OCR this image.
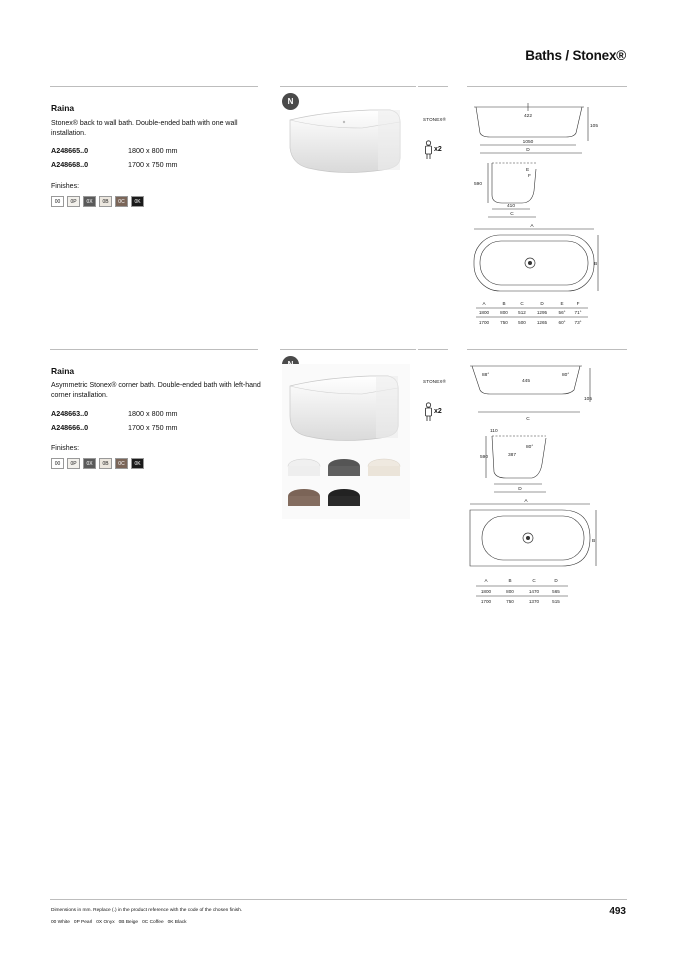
Baths / Stonex®
Raina
Stonex® back to wall bath. Double-ended bath with one wall installation.
A248665..0	1800 x 800 mm
A248668..0	1700 x 750 mm
Finishes:
00	0P	0X	0B	0C	0K
N
STONEX®
x2
422
105
1050
D
590
410
C
E
F
A
B
A	B	C	D	E	F
1800 800 512 1295 56° 71°
1700 750 500 1265 60° 73°
Raina
Asymmetric Stonex® corner bath. Double-ended bath with left-hand corner installation.
A248663..0	1800 x 800 mm
A248666..0	1700 x 750 mm
Finishes:
00	0P	0X	0B	0C	0K
STONEX®
x2
88°
445
80°
105
C
110
590	387
80°
D
A
B
A	B	C	D
1800	800	1470	565
1700	750	1370	515
Dimensions in mm. Replace (.) in the product reference with the code of the chosen finish.
00 White   0P Pearl   0X Onyx   0B Beige   0C Coffee   0K Black
493
